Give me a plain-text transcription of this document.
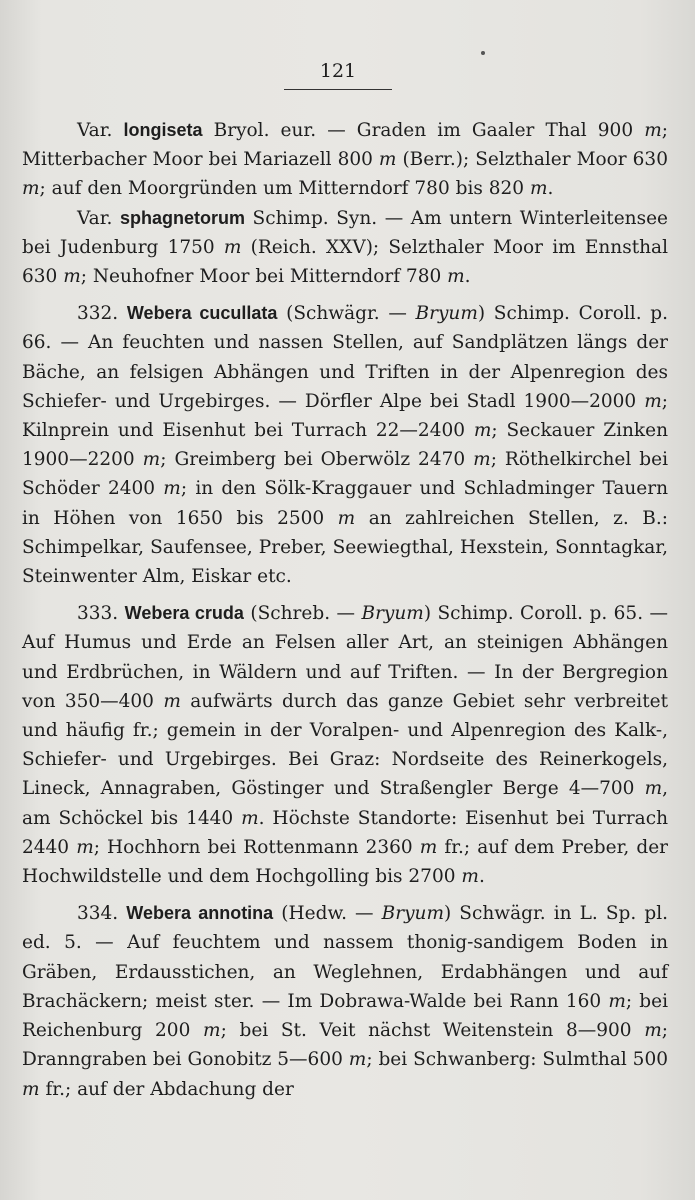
121

Var. longiseta Bryol. eur. — Graden im Gaaler Thal 900 m; Mitterbacher Moor bei Mariazell 800 m (Berr.); Selzthaler Moor 630 m; auf den Moorgründen um Mitterndorf 780 bis 820 m.

Var. sphagnetorum Schimp. Syn. — Am untern Winterleitensee bei Judenburg 1750 m (Reich. XXV); Selzthaler Moor im Ennsthal 630 m; Neuhofner Moor bei Mitterndorf 780 m.

332. Webera cucullata (Schwägr. — Bryum) Schimp. Coroll. p. 66. — An feuchten und nassen Stellen, auf Sandplätzen längs der Bäche, an felsigen Abhängen und Triften in der Alpenregion des Schiefer- und Urgebirges. — Dörfler Alpe bei Stadl 1900—2000 m; Kilnprein und Eisenhut bei Turrach 22—2400 m; Seckauer Zinken 1900—2200 m; Greimberg bei Oberwölz 2470 m; Röthelkirchel bei Schöder 2400 m; in den Sölk-Kraggauer und Schladminger Tauern in Höhen von 1650 bis 2500 m an zahlreichen Stellen, z. B.: Schimpelkar, Saufensee, Preber, Seewiegthal, Hexstein, Sonntagkar, Steinwenter Alm, Eiskar etc.

333. Webera cruda (Schreb. — Bryum) Schimp. Coroll. p. 65. — Auf Humus und Erde an Felsen aller Art, an steinigen Abhängen und Erdbrüchen, in Wäldern und auf Triften. — In der Bergregion von 350—400 m aufwärts durch das ganze Gebiet sehr verbreitet und häufig fr.; gemein in der Voralpen- und Alpenregion des Kalk-, Schiefer- und Urgebirges. Bei Graz: Nordseite des Reinerkogels, Lineck, Annagraben, Göstinger und Straßengler Berge 4—700 m, am Schöckel bis 1440 m. Höchste Standorte: Eisenhut bei Turrach 2440 m; Hochhorn bei Rottenmann 2360 m fr.; auf dem Preber, der Hochwildstelle und dem Hochgolling bis 2700 m.

334. Webera annotina (Hedw. — Bryum) Schwägr. in L. Sp. pl. ed. 5. — Auf feuchtem und nassem thonig-sandigem Boden in Gräben, Erdausstichen, an Weglehnen, Erdabhängen und auf Brachäckern; meist ster. — Im Dobrawa-Walde bei Rann 160 m; bei Reichenburg 200 m; bei St. Veit nächst Weitenstein 8—900 m; Dranngraben bei Gonobitz 5—600 m; bei Schwanberg: Sulmthal 500 m fr.; auf der Abdachung der
